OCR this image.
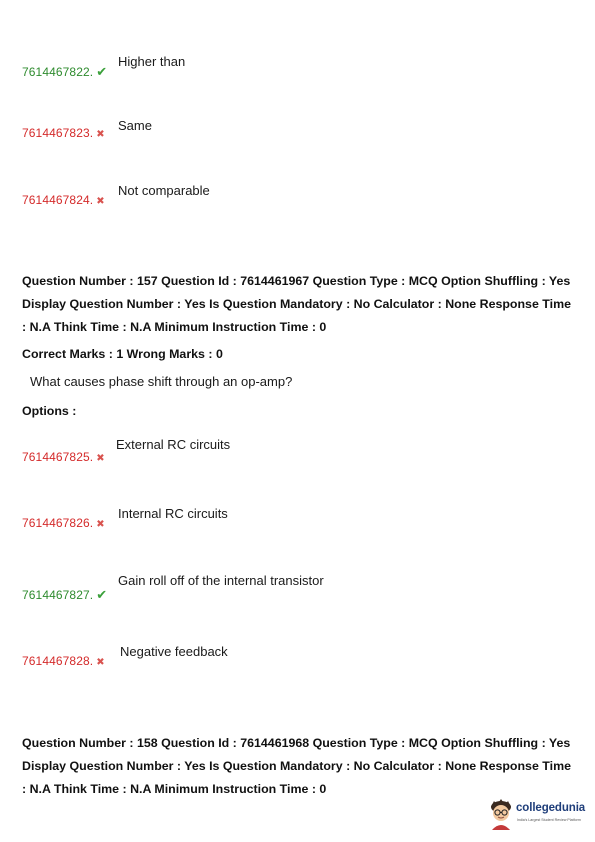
7614467822. ✔
Higher than
7614467823. ✖
Same
7614467824. ✖
Not comparable
Question Number : 157 Question Id : 7614461967 Question Type : MCQ Option Shuffling : Yes Display Question Number : Yes Is Question Mandatory : No Calculator : None Response Time : N.A Think Time : N.A Minimum Instruction Time : 0
Correct Marks : 1 Wrong Marks : 0
What causes phase shift through an op-amp?
Options :
7614467825. ✖
External RC circuits
7614467826. ✖
Internal RC circuits
7614467827. ✔
Gain roll off of the internal transistor
7614467828. ✖
Negative feedback
Question Number : 158 Question Id : 7614461968 Question Type : MCQ Option Shuffling : Yes Display Question Number : Yes Is Question Mandatory : No Calculator : None Response Time : N.A Think Time : N.A Minimum Instruction Time : 0
collegedunia
India's Largest Student Review Platform
